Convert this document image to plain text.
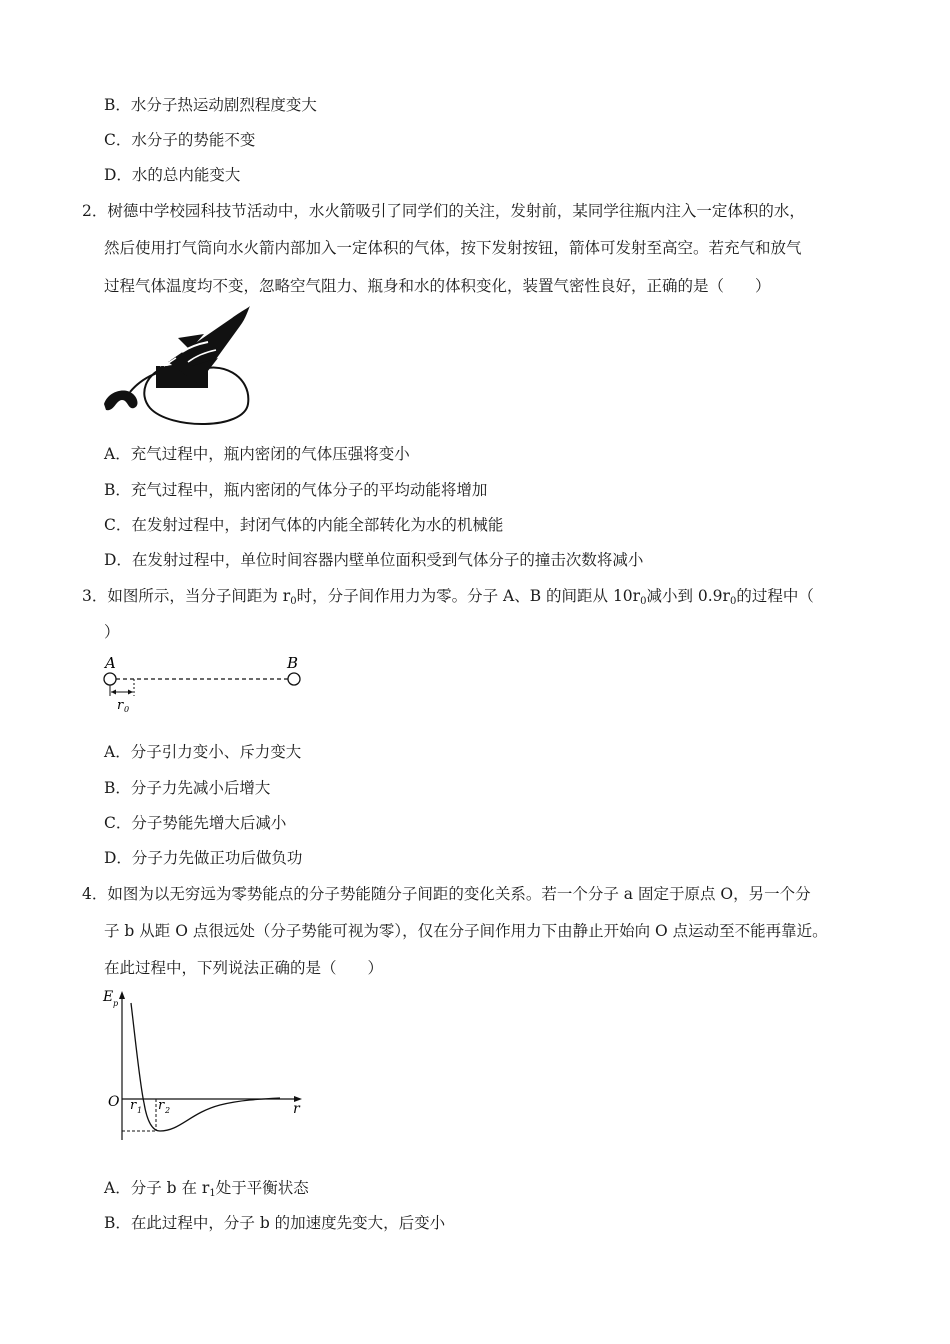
B．水分子热运动剧烈程度变大
C．水分子的势能不变
D．水的总内能变大
2．树德中学校园科技节活动中，水火箭吸引了同学们的关注，发射前，某同学往瓶内注入一定体积的水，
然后使用打气筒向水火箭内部加入一定体积的气体，按下发射按钮，箭体可发射至高空。若充气和放气
过程气体温度均不变，忽略空气阻力、瓶身和水的体积变化，装置气密性良好，正确的是（　　）
A．充气过程中，瓶内密闭的气体压强将变小
B．充气过程中，瓶内密闭的气体分子的平均动能将增加
C．在发射过程中，封闭气体的内能全部转化为水的机械能
D．在发射过程中，单位时间容器内壁单位面积受到气体分子的撞击次数将减小
3．如图所示，当分子间距为 $r_0$时，分子间作用力为零。分子 A、B 的间距从 $10r_0$减小到 $0.9r_0$的过程中（
）
A	B
r 0
A．分子引力变小、斥力变大
B．分子力先减小后增大
C．分子势能先增大后减小
D．分子力先做正功后做负功
4．如图为以无穷远为零势能点的分子势能随分子间距的变化关系。若一个分子 a 固定于原点 O，另一个分
子 b 从距 O 点很远处（分子势能可视为零），仅在分子间作用力下由静止开始向 O 点运动至不能再靠近。
在此过程中，下列说法正确的是（　　）
E p
O r 1 r 2	r
A．分子 b 在 $r_1$处于平衡状态
B．在此过程中，分子 b 的加速度先变大，后变小
